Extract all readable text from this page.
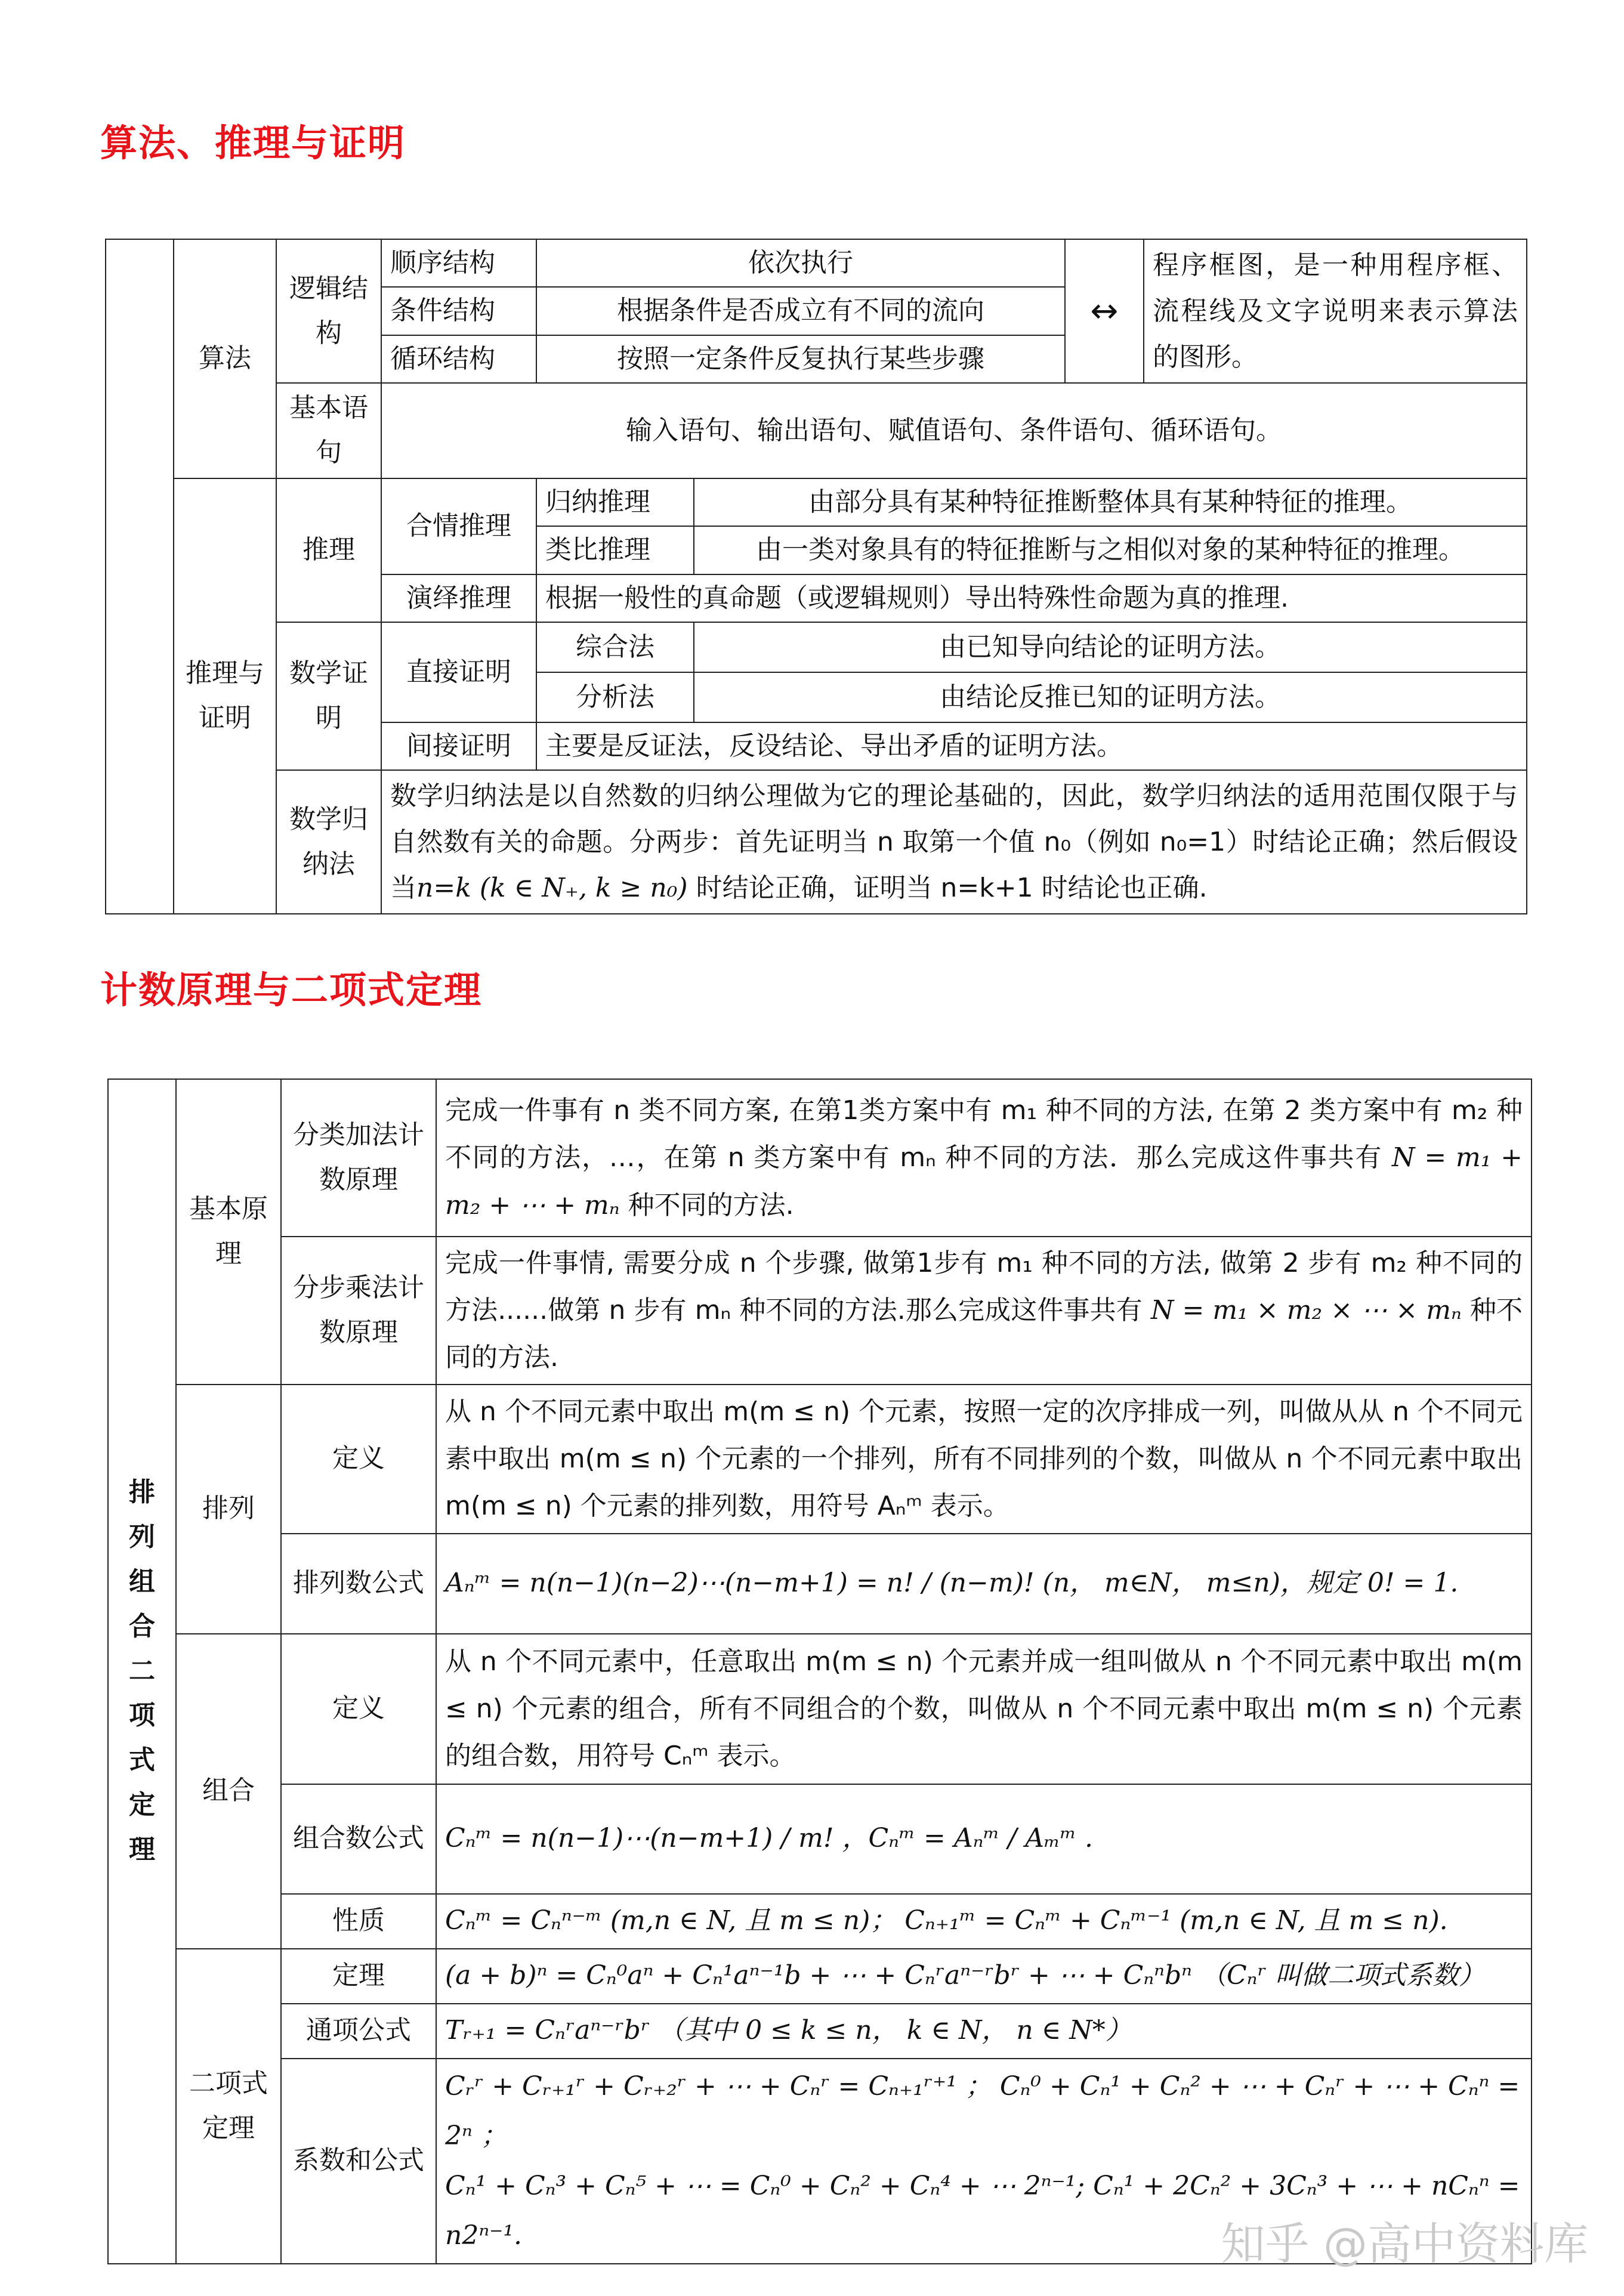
算法、推理与证明
	算法	逻辑结构	顺序结构	依次执行		↔	程序框图，是一种用程序框、流程线及文字说明来表示算法的图形。
			条件结构	根据条件是否成立有不同的流向			
			循环结构	按照一定条件反复执行某些步骤			
		基本语句	输入语句、输出语句、赋值语句、条件语句、循环语句。				
	推理与证明	推理	合情推理	归纳推理	由部分具有某种特征推断整体具有某种特征的推理。		
				类比推理	由一类对象具有的特征推断与之相似对象的某种特征的推理。		
			演绎推理	根据一般性的真命题（或逻辑规则）导出特殊性命题为真的推理.			
		数学证明	直接证明	综合法	由已知导向结论的证明方法。		
				分析法	由结论反推已知的证明方法。		
			间接证明	主要是反证法，反设结论、导出矛盾的证明方法。			
		数学归纳法	数学归纳法是以自然数的归纳公理做为它的理论基础的，因此，数学归纳法的适用范围仅限于与自然数有关的命题。分两步：首先证明当 n 取第一个值 n₀（例如 n₀=1）时结论正确；然后假设当n=k (k ∈ N₊, k ≥ n₀) 时结论正确，证明当 n=k+1 时结论也正确.				
计数原理与二项式定理
排列组合二项式定理	基本原理	分类加法计数原理	完成一件事有 n 类不同方案, 在第1类方案中有 m₁ 种不同的方法, 在第 2 类方案中有 m₂ 种不同的方法，…，在第 n 类方案中有 mₙ 种不同的方法．那么完成这件事共有 N = m₁ + m₂ + ⋯ + mₙ 种不同的方法.
		分步乘法计数原理	完成一件事情, 需要分成 n 个步骤, 做第1步有 m₁ 种不同的方法, 做第 2 步有 m₂ 种不同的方法......做第 n 步有 mₙ 种不同的方法.那么完成这件事共有 N = m₁ × m₂ × ⋯ × mₙ 种不同的方法.
	排列	定义	从 n 个不同元素中取出 m(m ≤ n) 个元素，按照一定的次序排成一列，叫做从从 n 个不同元素中取出 m(m ≤ n) 个元素的一个排列，所有不同排列的个数，叫做从 n 个不同元素中取出 m(m ≤ n) 个元素的排列数，用符号 Aₙᵐ 表示。
		排列数公式	Aₙᵐ = n(n−1)(n−2)⋯(n−m+1) = n! / (n−m)! (n， m∈N， m≤n)，规定 0! = 1.
	组合	定义	从 n 个不同元素中，任意取出 m(m ≤ n) 个元素并成一组叫做从 n 个不同元素中取出 m(m ≤ n) 个元素的组合，所有不同组合的个数，叫做从 n 个不同元素中取出 m(m ≤ n) 个元素的组合数，用符号 Cₙᵐ 表示。
		组合数公式	Cₙᵐ = n(n−1)⋯(n−m+1) / m! ，Cₙᵐ = Aₙᵐ / Aₘᵐ .
		性质	Cₙᵐ = Cₙⁿ⁻ᵐ (m,n ∈ N, 且 m ≤ n)； Cₙ₊₁ᵐ = Cₙᵐ + Cₙᵐ⁻¹ (m,n ∈ N, 且 m ≤ n).
	二项式定理	定理	(a + b)ⁿ = Cₙ⁰aⁿ + Cₙ¹aⁿ⁻¹b + ⋯ + Cₙʳaⁿ⁻ʳbʳ + ⋯ + Cₙⁿbⁿ （Cₙʳ 叫做二项式系数）
		通项公式	Tᵣ₊₁ = Cₙʳaⁿ⁻ʳbʳ （其中 0 ≤ k ≤ n， k ∈ N， n ∈ N*）
		系数和公式	Cᵣʳ + Cᵣ₊₁ʳ + Cᵣ₊₂ʳ + ⋯ + Cₙʳ = Cₙ₊₁ʳ⁺¹ ； Cₙ⁰ + Cₙ¹ + Cₙ² + ⋯ + Cₙʳ + ⋯ + Cₙⁿ = 2ⁿ ；
Cₙ¹ + Cₙ³ + Cₙ⁵ + ⋯ = Cₙ⁰ + Cₙ² + Cₙ⁴ + ⋯ 2ⁿ⁻¹; Cₙ¹ + 2Cₙ² + 3Cₙ³ + ⋯ + nCₙⁿ = n2ⁿ⁻¹.	知乎 @高中资料库
